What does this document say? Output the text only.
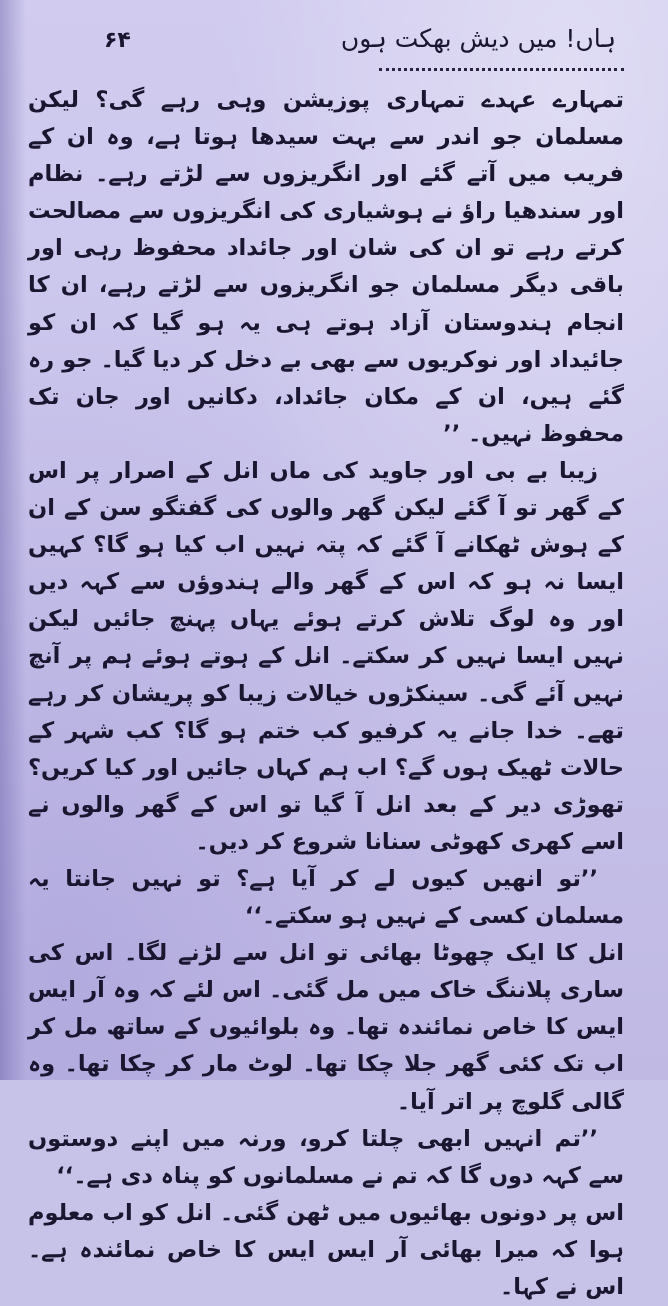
۶۴	ہاں! میں دیش بھکت ہوں

تمہارے عہدے تمہاری پوزیشن وہی رہے گی؟ لیکن مسلمان جو اندر سے بہت سیدھا ہوتا ہے، وہ ان کے فریب میں آتے گئے اور انگریزوں سے لڑتے رہے۔ نظام اور سندھیا راؤ نے ہوشیاری کی انگریزوں سے مصالحت کرتے رہے تو ان کی شان اور جائداد محفوظ رہی اور باقی دیگر مسلمان جو انگریزوں سے لڑتے رہے، ان کا انجام ہندوستان آزاد ہوتے ہی یہ ہو گیا کہ ان کو جائیداد اور نوکریوں سے بھی بے دخل کر دیا گیا۔ جو رہ گئے ہیں، ان کے مکان جائداد، دکانیں اور جان تک محفوظ نہیں۔ ’’

زیبا بے بی اور جاوید کی ماں انل کے اصرار پر اس کے گھر تو آ گئے لیکن گھر والوں کی گفتگو سن کے ان کے ہوش ٹھکانے آ گئے کہ پتہ نہیں اب کیا ہو گا؟ کہیں ایسا نہ ہو کہ اس کے گھر والے ہندوؤں سے کہہ دیں اور وہ لوگ تلاش کرتے ہوئے یہاں پہنچ جائیں لیکن نہیں ایسا نہیں کر سکتے۔ انل کے ہوتے ہوئے ہم پر آنچ نہیں آئے گی۔ سینکڑوں خیالات زیبا کو پریشان کر رہے تھے۔ خدا جانے یہ کرفیو کب ختم ہو گا؟ کب شہر کے حالات ٹھیک ہوں گے؟ اب ہم کہاں جائیں اور کیا کریں؟ تھوڑی دیر کے بعد انل آ گیا تو اس کے گھر والوں نے اسے کھری کھوٹی سنانا شروع کر دیں۔

’’تو انھیں کیوں لے کر آیا ہے؟ تو نہیں جانتا یہ مسلمان کسی کے نہیں ہو سکتے۔‘‘

انل کا ایک چھوٹا بھائی تو انل سے لڑنے لگا۔ اس کی ساری پلاننگ خاک میں مل گئی۔ اس لئے کہ وہ آر ایس ایس کا خاص نمائندہ تھا۔ وہ بلوائیوں کے ساتھ مل کر اب تک کئی گھر جلا چکا تھا۔ لوٹ مار کر چکا تھا۔ وہ گالی گلوچ پر اتر آیا۔

’’تم انہیں ابھی چلتا کرو، ورنہ میں اپنے دوستوں سے کہہ دوں گا کہ تم نے مسلمانوں کو پناہ دی ہے۔‘‘

اس پر دونوں بھائیوں میں ٹھن گئی۔ انل کو اب معلوم ہوا کہ میرا بھائی آر ایس ایس کا خاص نمائندہ ہے۔ اس نے کہا۔
